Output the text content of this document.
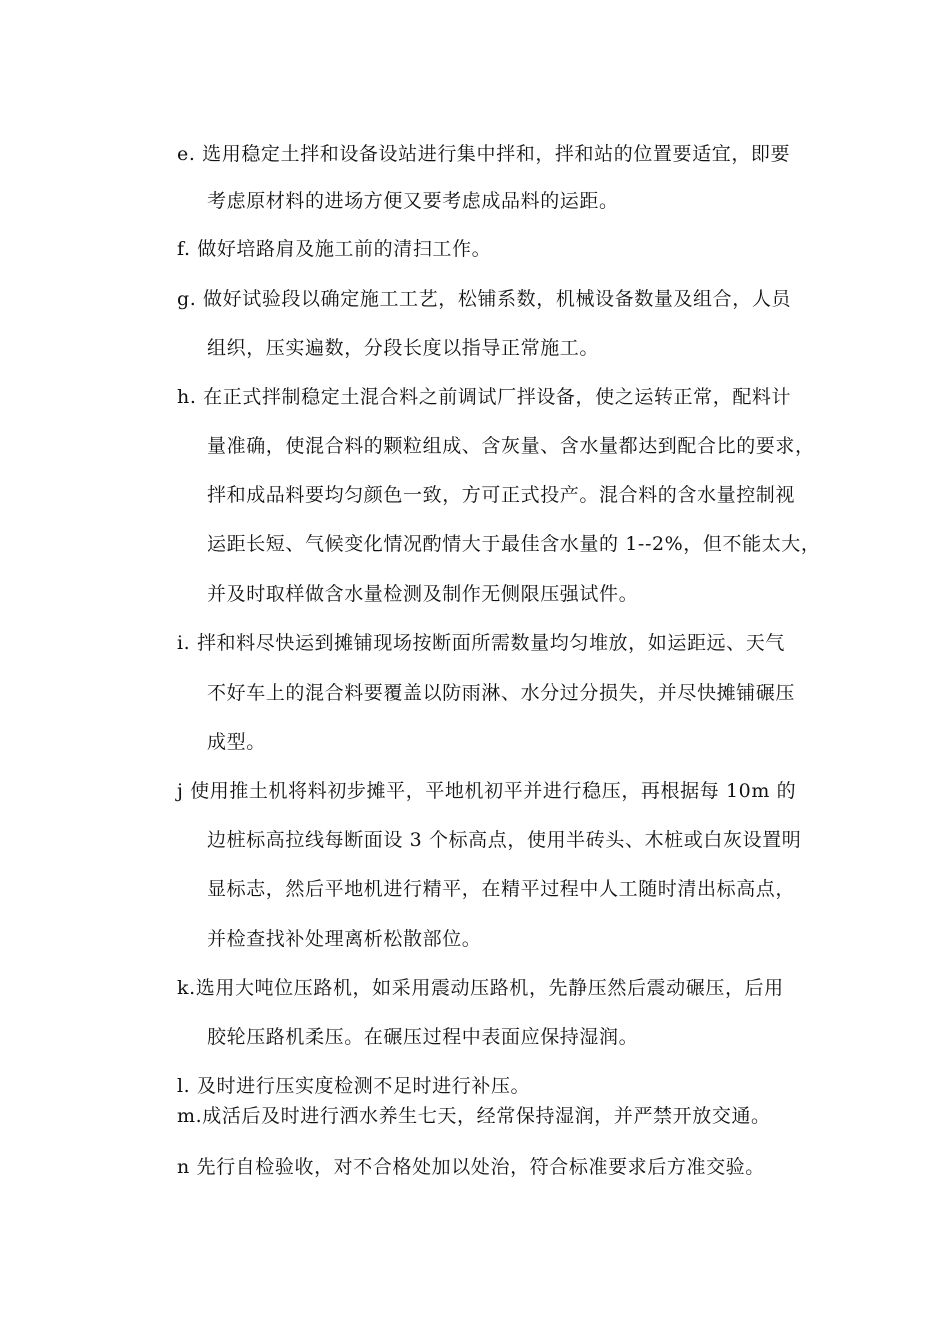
e. 选用稳定土拌和设备设站进行集中拌和，拌和站的位置要适宜，即要
考虑原材料的进场方便又要考虑成品料的运距。
f. 做好培路肩及施工前的清扫工作。
g. 做好试验段以确定施工工艺，松铺系数，机械设备数量及组合，人员
组织，压实遍数，分段长度以指导正常施工。
h. 在正式拌制稳定土混合料之前调试厂拌设备，使之运转正常，配料计
量准确，使混合料的颗粒组成、含灰量、含水量都达到配合比的要求，
拌和成品料要均匀颜色一致，方可正式投产。混合料的含水量控制视
运距长短、气候变化情况酌情大于最佳含水量的 1--2%，但不能太大，
并及时取样做含水量检测及制作无侧限压强试件。
i. 拌和料尽快运到摊铺现场按断面所需数量均匀堆放，如运距远、天气
不好车上的混合料要覆盖以防雨淋、水分过分损失，并尽快摊铺碾压
成型。
j 使用推土机将料初步摊平，平地机初平并进行稳压，再根据每 10m 的
边桩标高拉线每断面设 3 个标高点，使用半砖头、木桩或白灰设置明
显标志，然后平地机进行精平，在精平过程中人工随时清出标高点，
并检查找补处理离析松散部位。
k.选用大吨位压路机，如采用震动压路机，先静压然后震动碾压，后用
胶轮压路机柔压。在碾压过程中表面应保持湿润。
l. 及时进行压实度检测不足时进行补压。
m.成活后及时进行洒水养生七天，经常保持湿润，并严禁开放交通。
n 先行自检验收，对不合格处加以处治，符合标准要求后方准交验。
